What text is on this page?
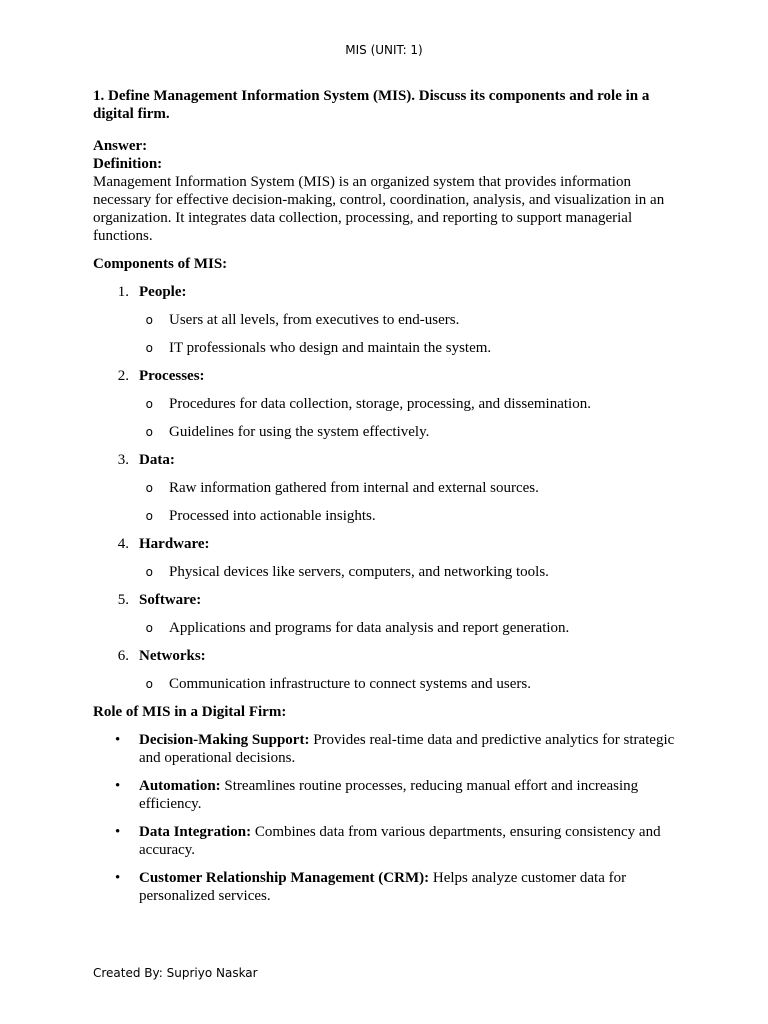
MIS (UNIT: 1)

1. Define Management Information System (MIS). Discuss its components and role in a digital firm.

Answer:
Definition:

Management Information System (MIS) is an organized system that provides information necessary for effective decision-making, control, coordination, analysis, and visualization in an organization. It integrates data collection, processing, and reporting to support managerial functions.

Components of MIS:
1. People:
o	Users at all levels, from executives to end-users.
o	IT professionals who design and maintain the system.
2. Processes:
o	Procedures for data collection, storage, processing, and dissemination.
o	Guidelines for using the system effectively.
3. Data:
o	Raw information gathered from internal and external sources.
o	Processed into actionable insights.
4. Hardware:
o	Physical devices like servers, computers, and networking tools.
5. Software:
o	Applications and programs for data analysis and report generation.
6. Networks:
o	Communication infrastructure to connect systems and users.
Role of MIS in a Digital Firm:
•	Decision-Making Support: Provides real-time data and predictive analytics for strategic and operational decisions.
•	Automation: Streamlines routine processes, reducing manual effort and increasing efficiency.
•	Data Integration: Combines data from various departments, ensuring consistency and accuracy.
•	Customer Relationship Management (CRM): Helps analyze customer data for personalized services.
Created By: Supriyo Naskar
